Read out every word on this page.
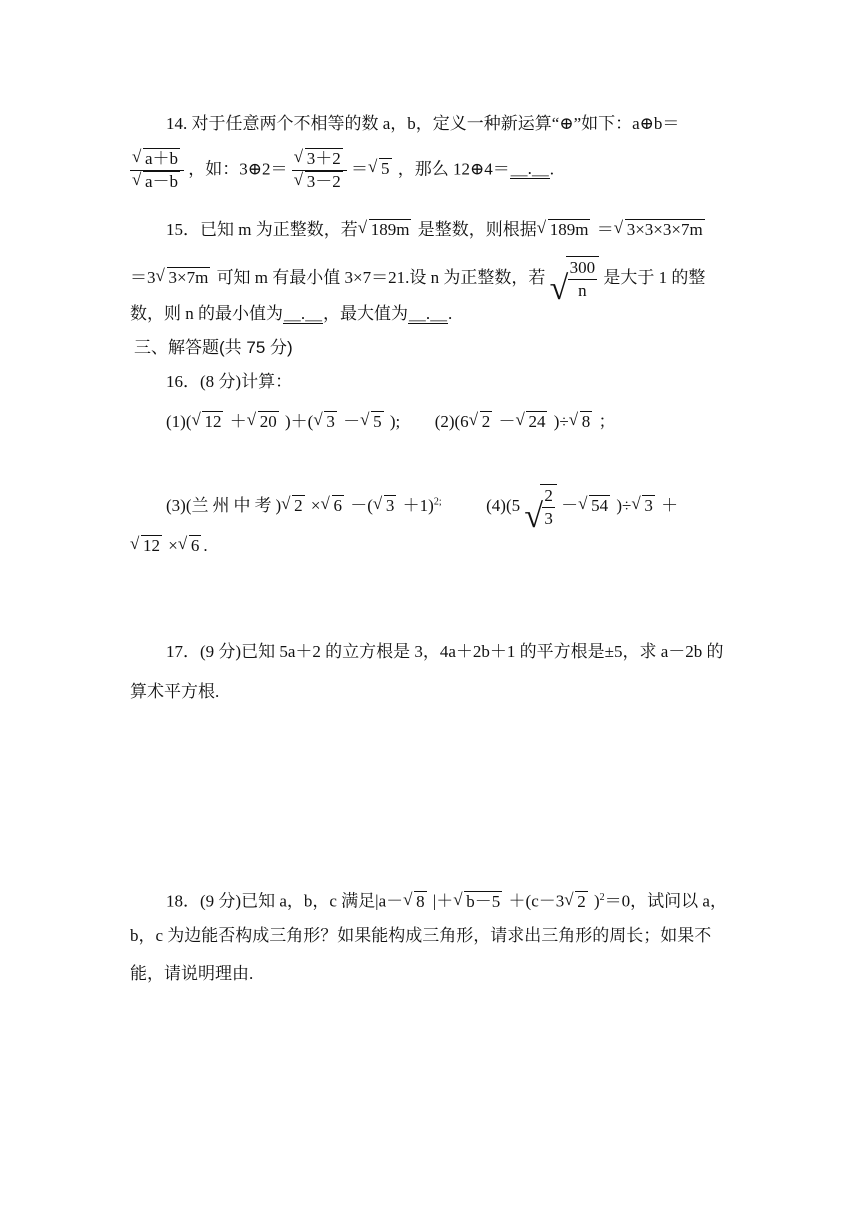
14. 对于任意两个不相等的数 a，b，定义一种新运算“⊕”如下：a⊕b＝
√ a＋b
√ a－b ，如：3⊕2＝ √ 3＋2
√ 3－2 ＝ √ 5 ，那么 12⊕4＝＿.＿.
15．已知 m 为正整数，若 √ 189m 是整数，则根据 √ 189m ＝ √ 3×3×3×7m
＝3 √ 3×7m 可知 m 有最小值 3×7＝21.设 n 为正整数，若 √ $\frac{300}{n}$ 是大于 1 的整
数，则 n 的最小值为＿.＿，最大值为＿.＿.
三、解答题(共 75 分)
16．(8 分)计算：
(1)( √ 12 ＋ √ 20 )＋( √ 3 － √ 5 ); (2)(6 √ 2 － √ 24 )÷ √ 8 ；
(3)(兰州中考) √ 2 × √ 6 －( √ 3 ＋1)$^{2;}$	(4)(5 √ $\frac{2}{3}$ － √ 54 )÷ √ 3 ＋
√ 12 × √ 6 .
17．(9 分)已知 5a＋2 的立方根是 3，4a＋2b＋1 的平方根是±5，求 a－2b 的
算术平方根.
18．(9 分)已知 a，b，c 满足|a－ √ 8 |＋ √ b－5 ＋(c－3 √ 2 )$^2$＝0，试问以 a，
b，c 为边能否构成三角形？如果能构成三角形，请求出三角形的周长；如果不
能，请说明理由.
